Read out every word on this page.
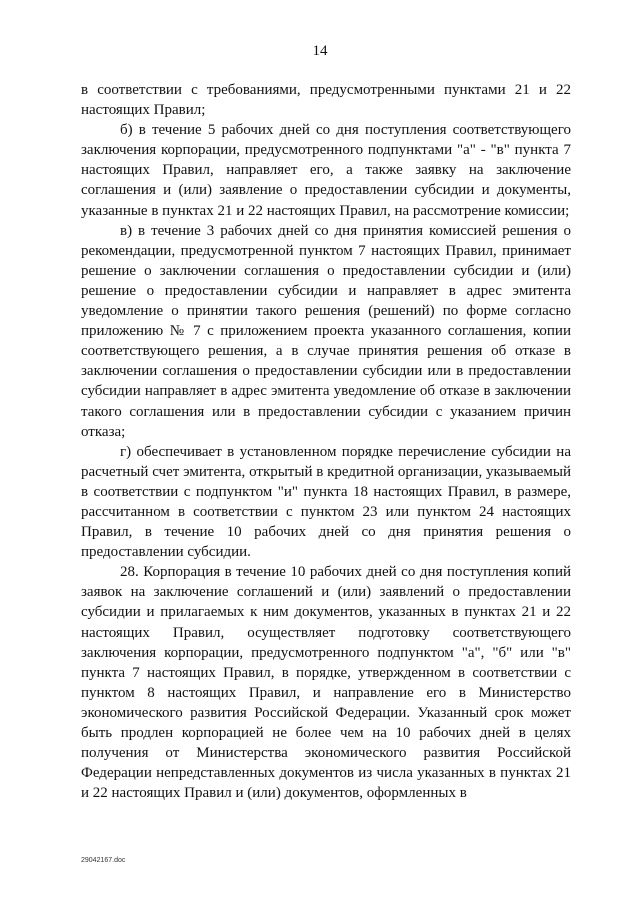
14

в соответствии с требованиями, предусмотренными пунктами 21 и 22 настоящих Правил;

б) в течение 5 рабочих дней со дня поступления соответствующего заключения корпорации, предусмотренного подпунктами "а" - "в" пункта 7 настоящих Правил, направляет его, а также заявку на заключение соглашения и (или) заявление о предоставлении субсидии и документы, указанные в пунктах 21 и 22 настоящих Правил, на рассмотрение комиссии;

в) в течение 3 рабочих дней со дня принятия комиссией решения о рекомендации, предусмотренной пунктом 7 настоящих Правил, принимает решение о заключении соглашения о предоставлении субсидии и (или) решение о предоставлении субсидии и направляет в адрес эмитента уведомление о принятии такого решения (решений) по форме согласно приложению № 7 с приложением проекта указанного соглашения, копии соответствующего решения, а в случае принятия решения об отказе в заключении соглашения о предоставлении субсидии или в предоставлении субсидии направляет в адрес эмитента уведомление об отказе в заключении такого соглашения или в предоставлении субсидии с указанием причин отказа;

г) обеспечивает в установленном порядке перечисление субсидии на расчетный счет эмитента, открытый в кредитной организации, указываемый в соответствии с подпунктом "и" пункта 18 настоящих Правил, в размере, рассчитанном в соответствии с пунктом 23 или пунктом 24 настоящих Правил, в течение 10 рабочих дней со дня принятия решения о предоставлении субсидии.

28. Корпорация в течение 10 рабочих дней со дня поступления копий заявок на заключение соглашений и (или) заявлений о предоставлении субсидии и прилагаемых к ним документов, указанных в пунктах 21 и 22 настоящих Правил, осуществляет подготовку соответствующего заключения корпорации, предусмотренного подпунктом "а", "б" или "в" пункта 7 настоящих Правил, в порядке, утвержденном в соответствии с пунктом 8 настоящих Правил, и направление его в Министерство экономического развития Российской Федерации. Указанный срок может быть продлен корпорацией не более чем на 10 рабочих дней в целях получения от Министерства экономического развития Российской Федерации непредставленных документов из числа указанных в пунктах 21 и 22 настоящих Правил и (или) документов, оформленных в

29042167.doc
